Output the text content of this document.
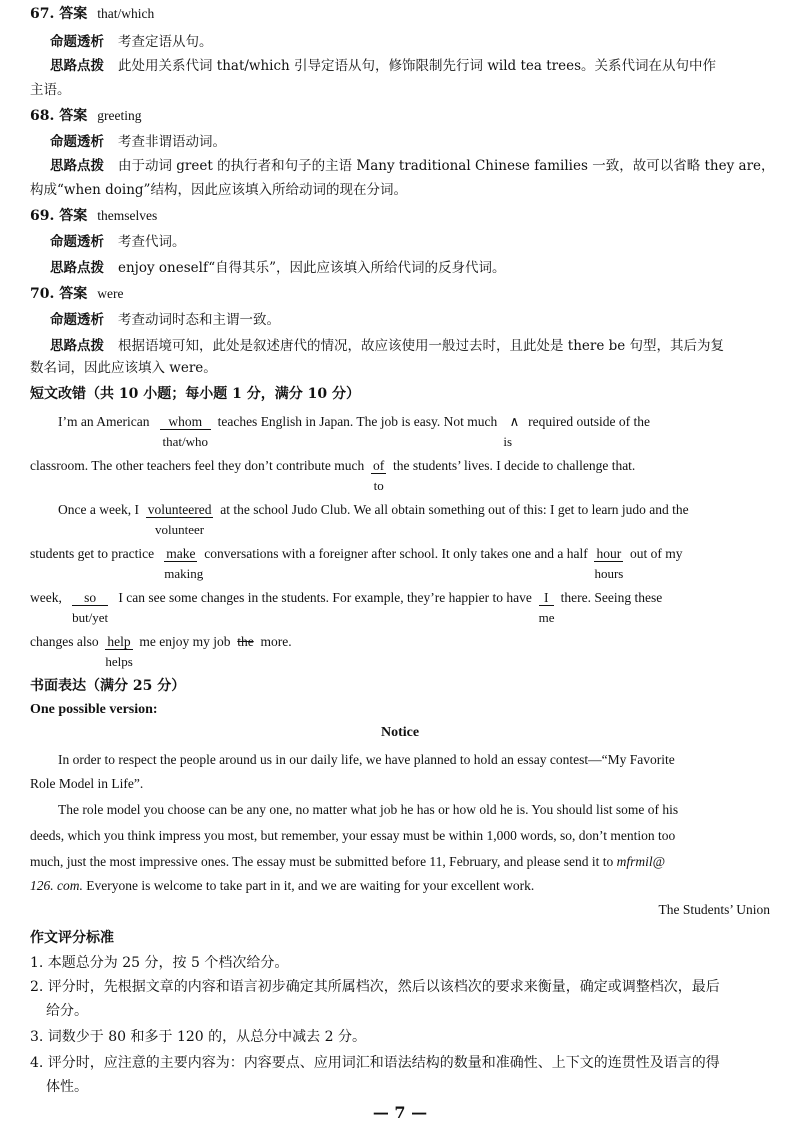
67. 答案 that/which
命题透析 考查定语从句。
思路点拨 此处用关系代词 that/which 引导定语从句，修饰限制先行词 wild tea trees。关系代词在从句中作
主语。
68. 答案 greeting
命题透析 考查非谓语动词。
思路点拨 由于动词 greet 的执行者和句子的主语 Many traditional Chinese families 一致，故可以省略 they are，
构成“when doing”结构，因此应该填入所给动词的现在分词。
69. 答案 themselves
命题透析 考查代词。
思路点拨 enjoy oneself“自得其乐”，因此应该填入所给代词的反身代词。
70. 答案 were
命题透析 考查动词时态和主谓一致。
思路点拨 根据语境可知，此处是叙述唐代的情况，故应该使用一般过去时，且此处是 there be 句型，其后为复
数名词，因此应该填入 were。
短文改错（共 10 小题；每小题 1 分，满分 10 分）
I’m an American whom
that/who
teaches English in Japan. The job is easy. Not much ∧
is
required outside of the
classroom. The other teachers feel they don’t contribute much $\frac{of}{to}$ the students’ lives. I decide to challenge that.
Once a week, I volunteered
volunteer
at the school Judo Club. We all obtain something out of this: I get to learn judo and the
students get to practice make
making
conversations with a foreigner after school. It only takes one and a half hour
hours
out of my
week, so
but/yet
I can see some changes in the students. For example, they’re happier to have $\frac{I}{me}$ there. Seeing these
changes also help
helps
me enjoy my job the more.
书面表达（满分 25 分）
One possible version:
Notice
In order to respect the people around us in our daily life, we have planned to hold an essay contest—“My Favorite
Role Model in Life”.
The role model you choose can be any one, no matter what job he has or how old he is. You should list some of his
deeds, which you think impress you most, but remember, your essay must be within 1,000 words, so, don’t mention too
much, just the most impressive ones. The essay must be submitted before 11, February, and please send it to mfrmil@
126. com. Everyone is welcome to take part in it, and we are waiting for your excellent work.
The Students’ Union
作文评分标准
1. 本题总分为 25 分，按 5 个档次给分。
2. 评分时，先根据文章的内容和语言初步确定其所属档次，然后以该档次的要求来衡量，确定或调整档次，最后
给分。
3. 词数少于 80 和多于 120 的，从总分中减去 2 分。
4. 评分时，应注意的主要内容为：内容要点、应用词汇和语法结构的数量和准确性、上下文的连贯性及语言的得
体性。
— 7 —
